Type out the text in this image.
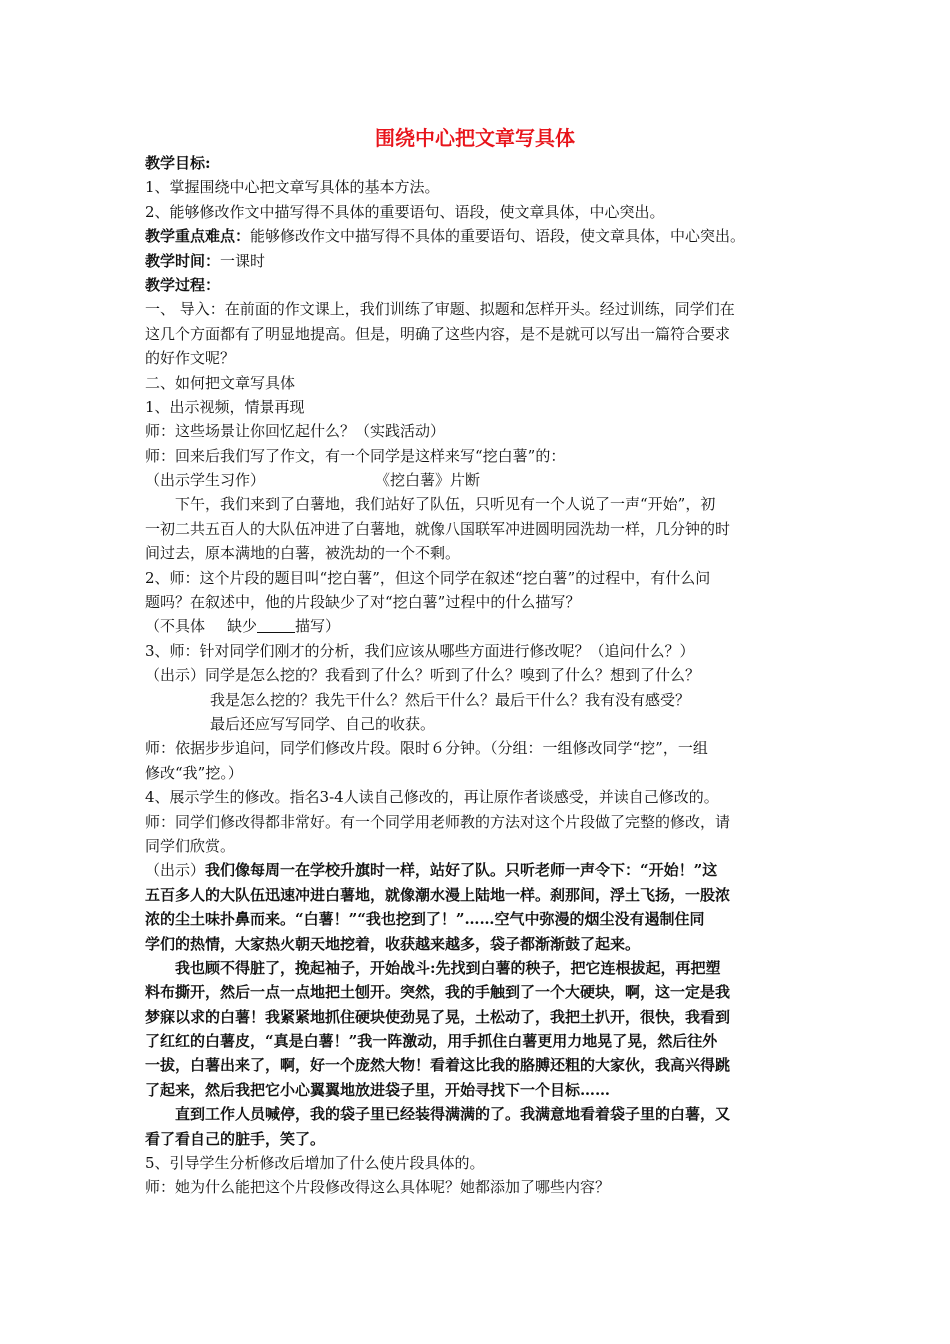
围绕中心把文章写具体
教学目标:
1、掌握围绕中心把文章写具体的基本方法。
2、能够修改作文中描写得不具体的重要语句、语段，使文章具体，中心突出。
教学重点难点：能够修改作文中描写得不具体的重要语句、语段，使文章具体，中心突出。
教学时间：一课时
教学过程：
一、 导入：在前面的作文课上，我们训练了审题、拟题和怎样开头。经过训练，同学们在
这几个方面都有了明显地提高。但是，明确了这些内容，是不是就可以写出一篇符合要求
的好作文呢？
二、如何把文章写具体
1、出示视频，情景再现
师：这些场景让你回忆起什么？（实践活动）
师：回来后我们写了作文，有一个同学是这样来写“挖白薯”的：
（出示学生习作）	《挖白薯》片断
下午，我们来到了白薯地，我们站好了队伍，只听见有一个人说了一声“开始”，初
一初二共五百人的大队伍冲进了白薯地，就像八国联军冲进圆明园洗劫一样，几分钟的时
间过去，原本满地的白薯，被洗劫的一个不剩。
2、师：这个片段的题目叫“挖白薯”，但这个同学在叙述“挖白薯”的过程中，有什么问
题吗？在叙述中，他的片段缺少了对“挖白薯”过程中的什么描写？
（不具体 缺少	描写）
3、师：针对同学们刚才的分析，我们应该从哪些方面进行修改呢？（追问什么？）
（出示）同学是怎么挖的？我看到了什么？听到了什么？嗅到了什么？想到了什么？
我是怎么挖的？我先干什么？然后干什么？最后干什么？我有没有感受？
最后还应写写同学、自己的收获。
师：依据步步追问，同学们修改片段。限时６分钟。（分组：一组修改同学“挖”，一组
修改“我”挖。）
4、展示学生的修改。指名3-4人读自己修改的，再让原作者谈感受，并读自己修改的。
师：同学们修改得都非常好。有一个同学用老师教的方法对这个片段做了完整的修改，请
同学们欣赏。
（出示）我们像每周一在学校升旗时一样，站好了队。只听老师一声令下：“开始！”这
五百多人的大队伍迅速冲进白薯地，就像潮水漫上陆地一样。刹那间，浮土飞扬，一股浓
浓的尘土味扑鼻而来。“白薯！”“我也挖到了！”……空气中弥漫的烟尘没有遏制住同
学们的热情，大家热火朝天地挖着，收获越来越多，袋子都渐渐鼓了起来。
我也顾不得脏了，挽起袖子，开始战斗:先找到白薯的秧子，把它连根拔起，再把塑
料布撕开，然后一点一点地把土刨开。突然，我的手触到了一个大硬块，啊，这一定是我
梦寐以求的白薯！我紧紧地抓住硬块使劲晃了晃，土松动了，我把土扒开，很快，我看到
了红红的白薯皮，“真是白薯！”我一阵激动，用手抓住白薯更用力地晃了晃，然后往外
一拔，白薯出来了，啊，好一个庞然大物！看着这比我的胳膊还粗的大家伙，我高兴得跳
了起来，然后我把它小心翼翼地放进袋子里，开始寻找下一个目标……
直到工作人员喊停，我的袋子里已经装得满满的了。我满意地看着袋子里的白薯，又
看了看自己的脏手，笑了。
5、引导学生分析修改后增加了什么使片段具体的。
师：她为什么能把这个片段修改得这么具体呢？她都添加了哪些内容？
